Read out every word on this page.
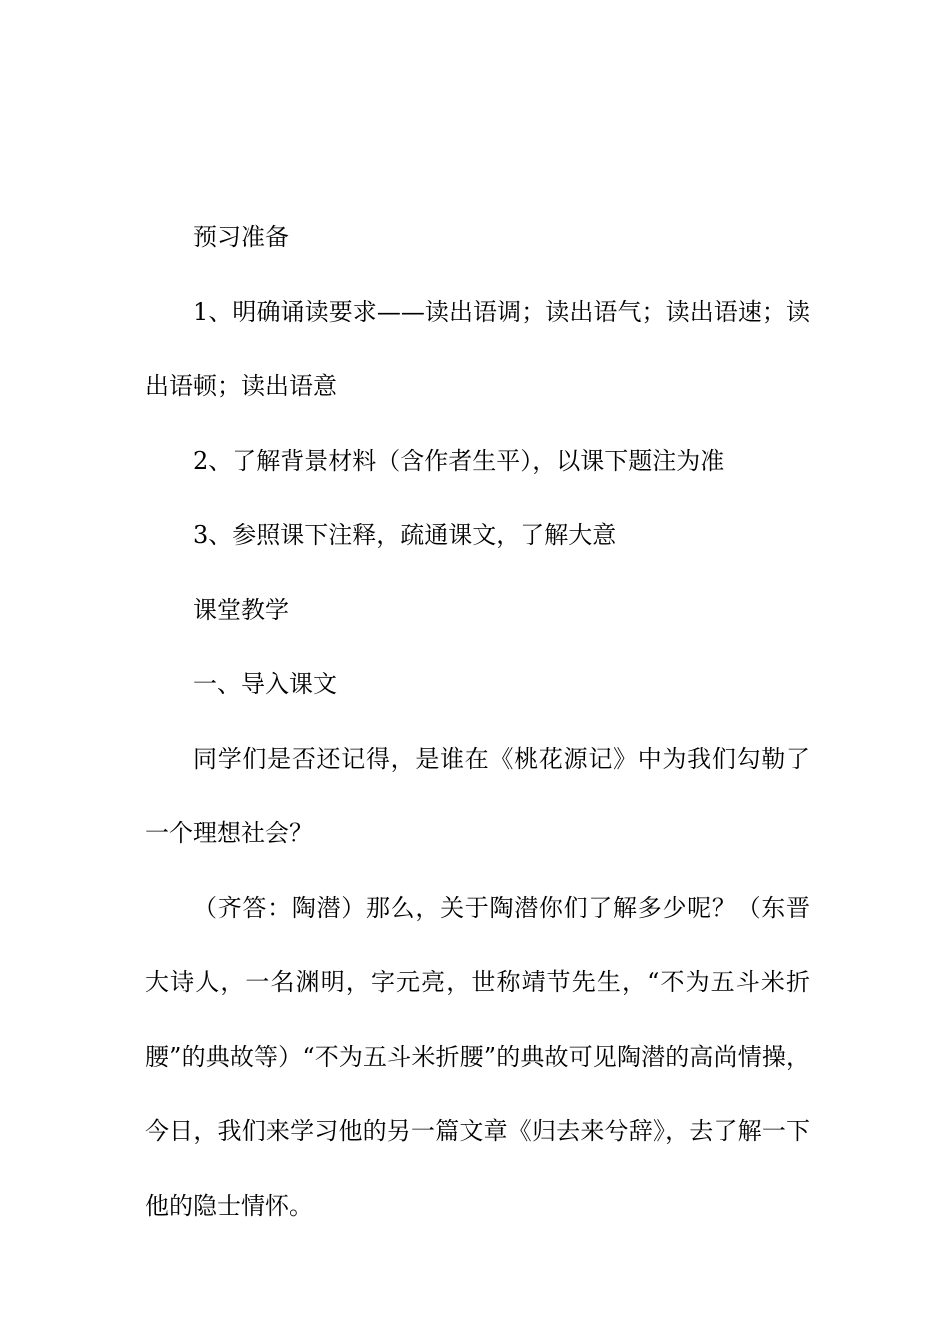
预习准备

1、明确诵读要求——读出语调；读出语气；读出语速；读出语顿；读出语意

2、了解背景材料（含作者生平），以课下题注为准

3、参照课下注释，疏通课文，了解大意

课堂教学

一、导入课文

同学们是否还记得，是谁在《桃花源记》中为我们勾勒了一个理想社会？

（齐答：陶潜）那么，关于陶潜你们了解多少呢？（东晋大诗人，一名渊明，字元亮，世称靖节先生，“不为五斗米折腰”的典故等）“不为五斗米折腰”的典故可见陶潜的高尚情操，今日，我们来学习他的另一篇文章《归去来兮辞》，去了解一下他的隐士情怀。
